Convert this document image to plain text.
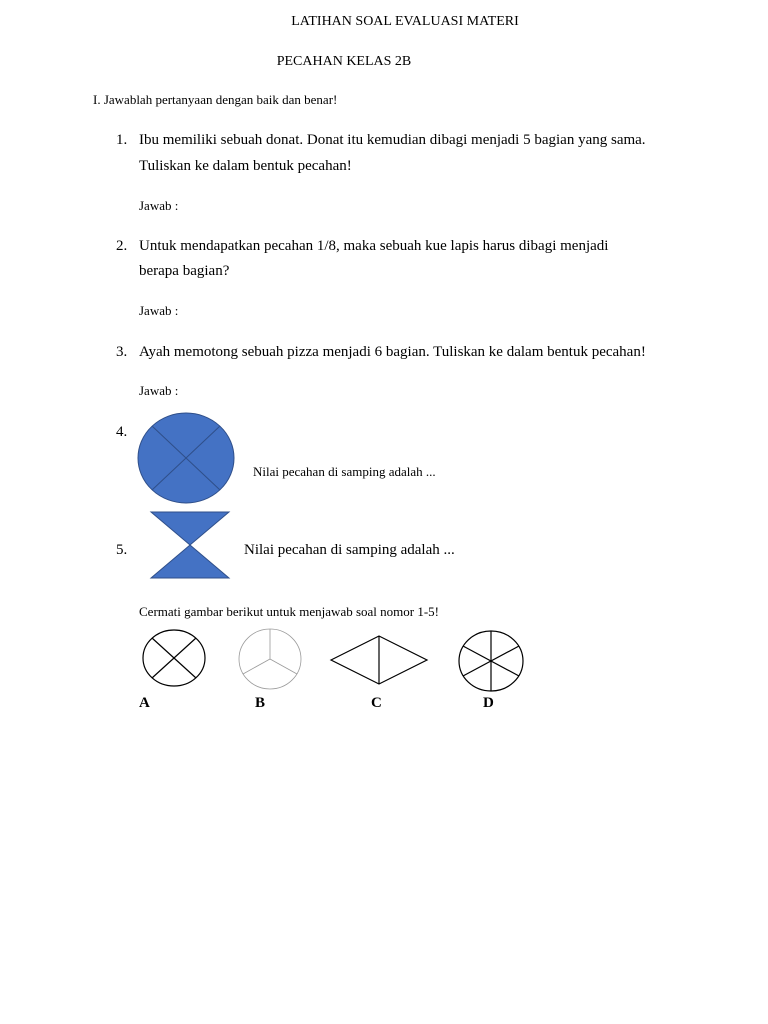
LATIHAN SOAL EVALUASI MATERI
PECAHAN KELAS 2B
I. Jawablah pertanyaan dengan baik dan benar!
1. Ibu memiliki sebuah donat. Donat itu kemudian dibagi menjadi 5 bagian yang sama.
Tuliskan ke dalam bentuk pecahan!
Jawab :
2. Untuk mendapatkan pecahan 1/8, maka sebuah kue lapis harus dibagi menjadi
berapa bagian?
Jawab :
3. Ayah memotong sebuah pizza menjadi 6 bagian. Tuliskan ke dalam bentuk pecahan!
Jawab :
4.
Nilai pecahan di samping adalah ...
5.	Nilai pecahan di samping adalah ...
Cermati gambar berikut untuk menjawab soal nomor 1-5!
A	B	C	D
